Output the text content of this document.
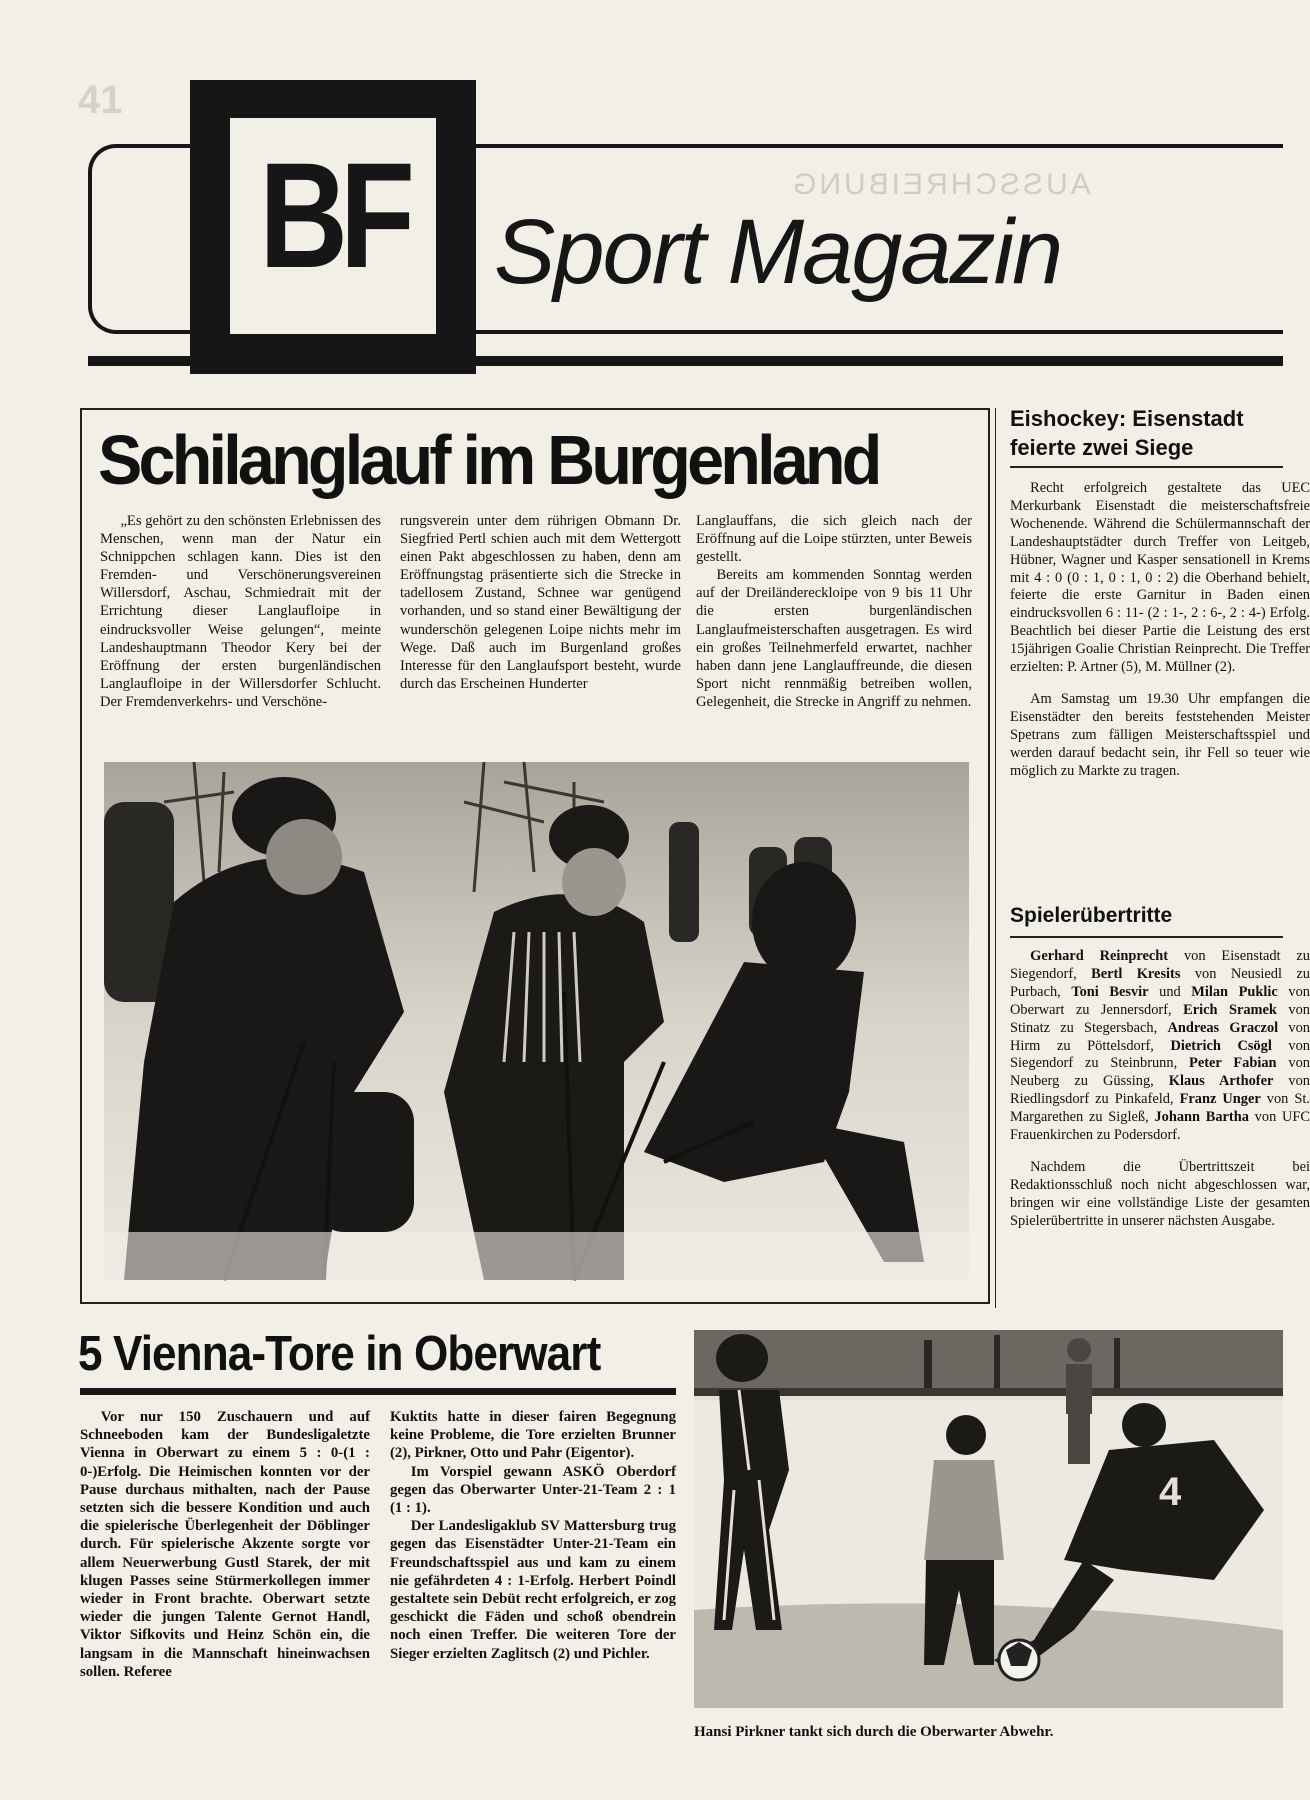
41
AUSSCHREIBUNG
BF Sport Magazin
Schilanglauf im Burgenland

„Es gehört zu den schönsten Erlebnissen des Menschen, wenn man der Natur ein Schnippchen schlagen kann. Dies ist den Fremden- und Verschönerungsvereinen Willersdorf, Aschau, Schmiedrait mit der Errichtung dieser Langlaufloipe in eindrucksvoller Weise gelungen“, meinte Landeshauptmann Theodor Kery bei der Eröffnung der ersten burgenländischen Langlaufloipe in der Willersdorfer Schlucht. Der Fremdenverkehrs- und Verschöne-

rungsverein unter dem rührigen Obmann Dr. Siegfried Pertl schien auch mit dem Wettergott einen Pakt abgeschlossen zu haben, denn am Eröffnungstag präsentierte sich die Strecke in tadellosem Zustand, Schnee war genügend vorhanden, und so stand einer Bewältigung der wunderschön gelegenen Loipe nichts mehr im Wege. Daß auch im Burgenland großes Interesse für den Langlaufsport besteht, wurde durch das Erscheinen Hunderter

Langlauffans, die sich gleich nach der Eröffnung auf die Loipe stürzten, unter Beweis gestellt.

Bereits am kommenden Sonntag werden auf der Dreiländereckloipe von 9 bis 11 Uhr die ersten burgenländischen Langlaufmeisterschaften ausgetragen. Es wird ein großes Teilnehmerfeld erwartet, nachher haben dann jene Langlauffreunde, die diesen Sport nicht rennmäßig betreiben wollen, Gelegenheit, die Strecke in Angriff zu nehmen.

Eishockey: Eisenstadt feierte zwei Siege

Recht erfolgreich gestaltete das UEC Merkurbank Eisenstadt die meisterschaftsfreie Wochenende. Während die Schülermannschaft der Landeshauptstädter durch Treffer von Leitgeb, Hübner, Wagner und Kasper sensationell in Krems mit 4 : 0 (0 : 1, 0 : 1, 0 : 2) die Oberhand behielt, feierte die erste Garnitur in Baden einen eindrucksvollen 6 : 11- (2 : 1-, 2 : 6-, 2 : 4-) Erfolg. Beachtlich bei dieser Partie die Leistung des erst 15jährigen Goalie Christian Reinprecht. Die Treffer erzielten: P. Artner (5), M. Müllner (2).

Am Samstag um 19.30 Uhr empfangen die Eisenstädter den bereits feststehenden Meister Spetrans zum fälligen Meisterschaftsspiel und werden darauf bedacht sein, ihr Fell so teuer wie möglich zu Markte zu tragen.

Spielerübertritte

Gerhard Reinprecht von Eisenstadt zu Siegendorf, Bertl Kresits von Neusiedl zu Purbach, Toni Besvir und Milan Puklic von Oberwart zu Jennersdorf, Erich Sramek von Stinatz zu Stegersbach, Andreas Graczol von Hirm zu Pöttelsdorf, Dietrich Csögl von Siegendorf zu Steinbrunn, Peter Fabian von Neuberg zu Güssing, Klaus Arthofer von Riedlingsdorf zu Pinkafeld, Franz Unger von St. Margarethen zu Sigleß, Johann Bartha von UFC Frauenkirchen zu Podersdorf.

Nachdem die Übertrittszeit bei Redaktionsschluß noch nicht abgeschlossen war, bringen wir eine vollständige Liste der gesamten Spielerübertritte in unserer nächsten Ausgabe.

5 Vienna-Tore in Oberwart

Vor nur 150 Zuschauern und auf Schneeboden kam der Bundesligaletzte Vienna in Oberwart zu einem 5 : 0-(1 : 0-)Erfolg. Die Heimischen konnten vor der Pause durchaus mithalten, nach der Pause setzten sich die bessere Kondition und auch die spielerische Überlegenheit der Döblinger durch. Für spielerische Akzente sorgte vor allem Neuerwerbung Gustl Starek, der mit klugen Passes seine Stürmerkollegen immer wieder in Front brachte. Oberwart setzte wieder die jungen Talente Gernot Handl, Viktor Sifkovits und Heinz Schön ein, die langsam in die Mannschaft hineinwachsen sollen. Referee

Kuktits hatte in dieser fairen Begegnung keine Probleme, die Tore erzielten Brunner (2), Pirkner, Otto und Pahr (Eigentor).

Im Vorspiel gewann ASKÖ Oberdorf gegen das Oberwarter Unter-21-Team 2 : 1 (1 : 1).

Der Landesligaklub SV Mattersburg trug gegen das Eisenstädter Unter-21-Team ein Freundschaftsspiel aus und kam zu einem nie gefährdeten 4 : 1-Erfolg. Herbert Poindl gestaltete sein Debüt recht erfolgreich, er zog geschickt die Fäden und schoß obendrein noch einen Treffer. Die weiteren Tore der Sieger erzielten Zaglitsch (2) und Pichler.

4
Hansi Pirkner tankt sich durch die Oberwarter Abwehr.
